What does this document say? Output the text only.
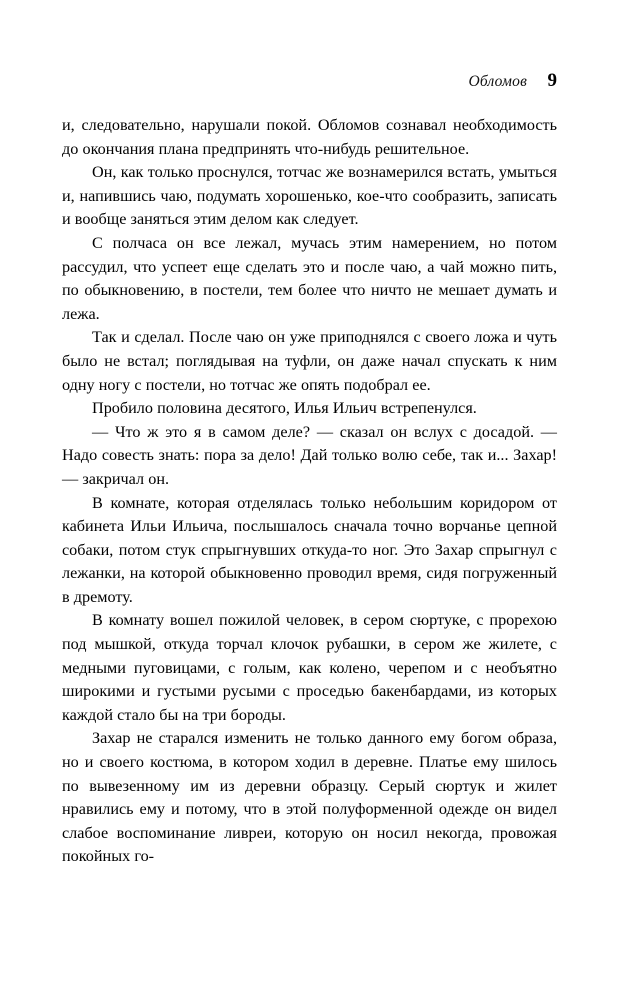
Обломов 9

и, следовательно, нарушали покой. Обломов сознавал необходимость до окончания плана предпринять что-нибудь решительное.

Он, как только проснулся, тотчас же вознамерился встать, умыться и, напившись чаю, подумать хорошенько, кое-что сообразить, записать и вообще заняться этим делом как следует.

С полчаса он все лежал, мучась этим намерением, но потом рассудил, что успеет еще сделать это и после чаю, а чай можно пить, по обыкновению, в постели, тем более что ничто не мешает думать и лежа.

Так и сделал. После чаю он уже приподнялся с своего ложа и чуть было не встал; поглядывая на туфли, он даже начал спускать к ним одну ногу с постели, но тотчас же опять подобрал ее.

Пробило половина десятого, Илья Ильич встрепенулся.

— Что ж это я в самом деле? — сказал он вслух с досадой. — Надо совесть знать: пора за дело! Дай только волю себе, так и... Захар! — закричал он.

В комнате, которая отделялась только небольшим коридором от кабинета Ильи Ильича, послышалось сначала точно ворчанье цепной собаки, потом стук спрыгнувших откуда-то ног. Это Захар спрыгнул с лежанки, на которой обыкновенно проводил время, сидя погруженный в дремоту.

В комнату вошел пожилой человек, в сером сюртуке, с прорехою под мышкой, откуда торчал клочок рубашки, в сером же жилете, с медными пуговицами, с голым, как колено, черепом и с необъятно широкими и густыми русыми с проседью бакенбардами, из которых каждой стало бы на три бороды.

Захар не старался изменить не только данного ему богом образа, но и своего костюма, в котором ходил в деревне. Платье ему шилось по вывезенному им из деревни образцу. Серый сюртук и жилет нравились ему и потому, что в этой полуформенной одежде он видел слабое воспоминание ливреи, которую он носил некогда, провожая покойных го-
